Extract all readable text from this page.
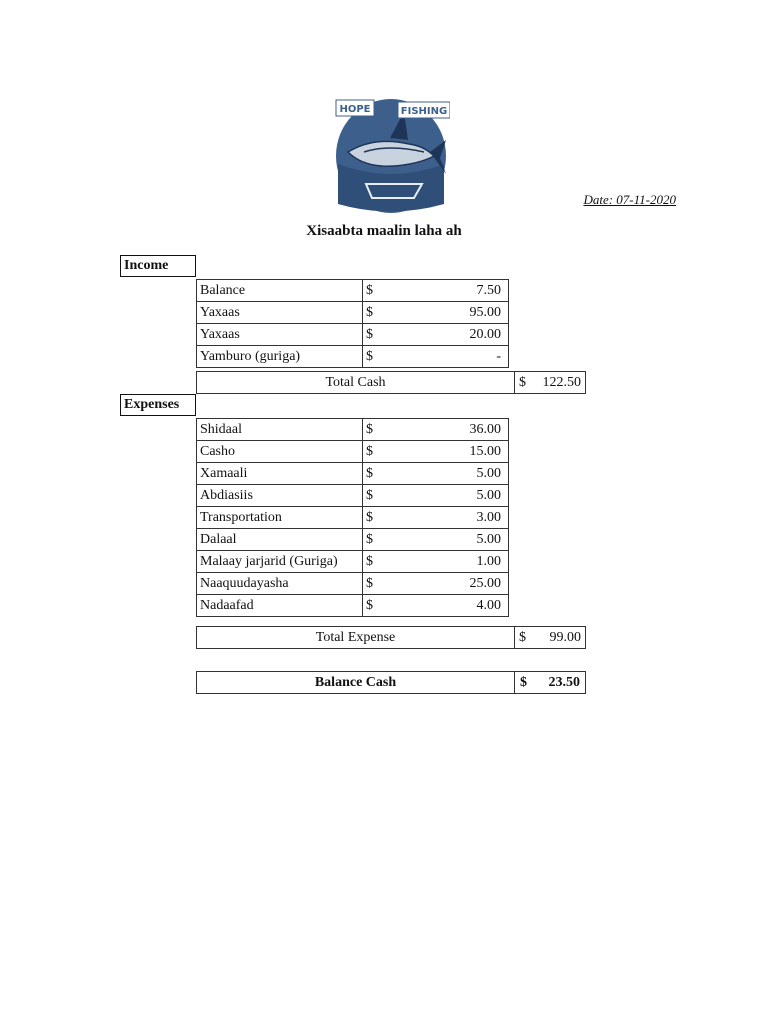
HOPE	FISHING
Date: 07-11-2020
Xisaabta maalin laha ah
Income
Balance	$ 7.50

Yaxaas	$ 95.00

Yaxaas	$ 20.00

Yamburo (guriga)	$ -
Total Cash	$ 122.50
Expenses
Shidaal	$ 36.00

Casho	$ 15.00

Xamaali	$ 5.00

Abdiasiis	$ 5.00

Transportation	$ 3.00

Dalaal	$ 5.00

Malaay jarjarid (Guriga)	$ 1.00

Naaquudayasha	$ 25.00

Nadaafad	$ 4.00
Total Expense	$ 99.00
Balance Cash	$ 23.50
